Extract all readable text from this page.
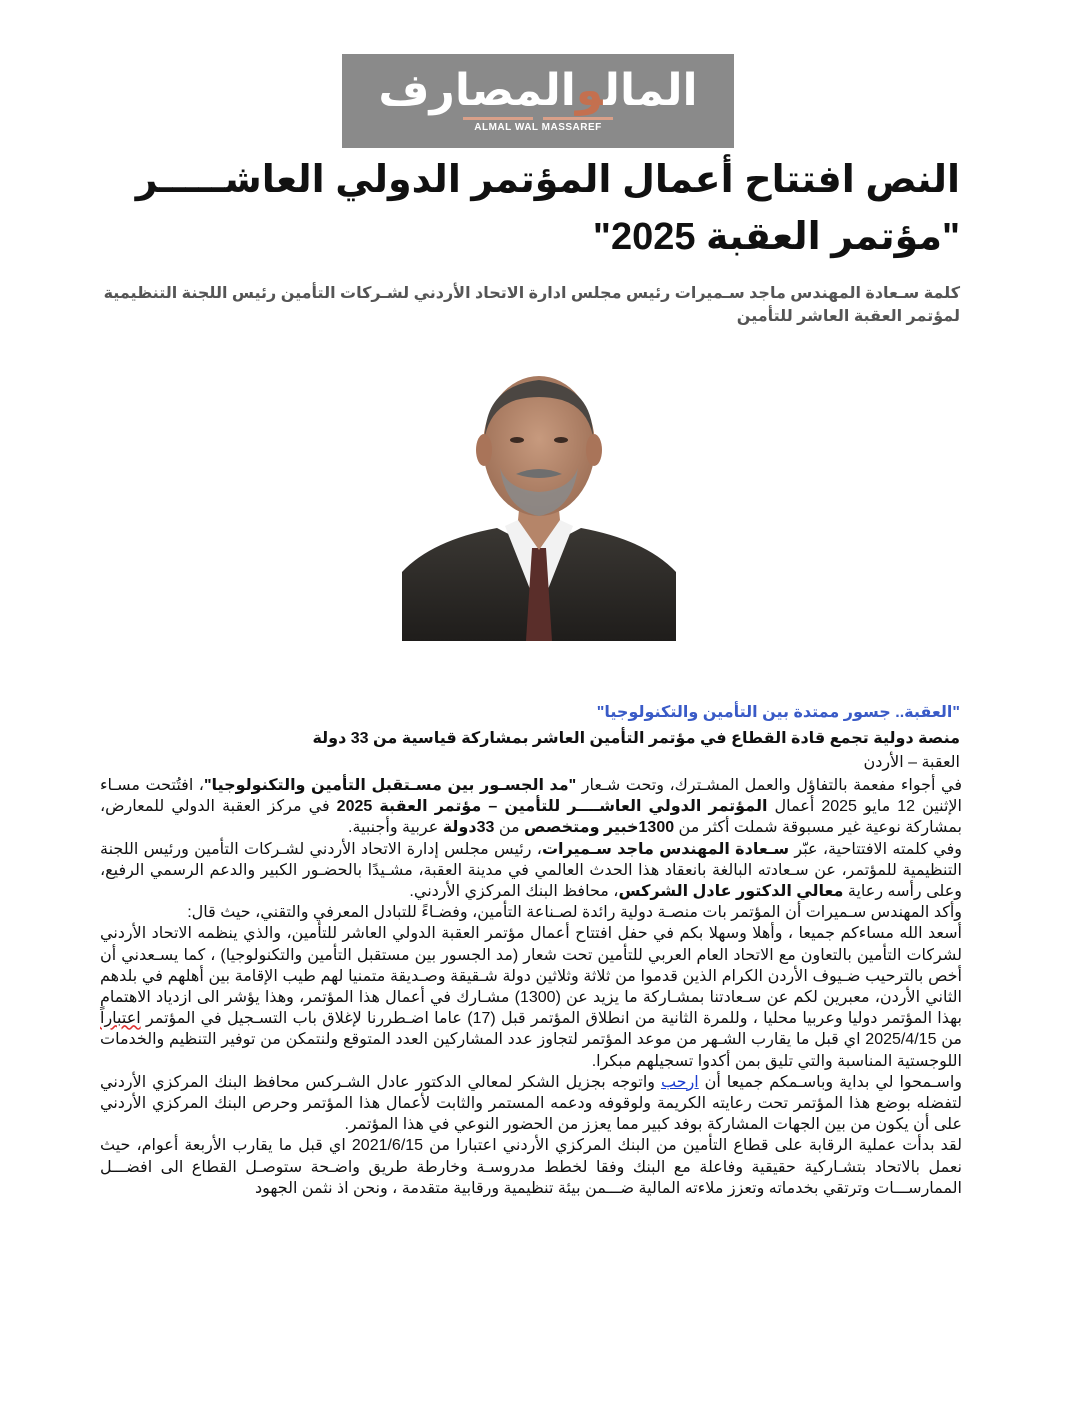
المالوالمصارف
ALMAL WAL MASSAREF
النص افتتاح أعمال المؤتمر الدولي العاشـــــر "مؤتمر العقبة 2025"

كلمة سـعادة المهندس ماجد سـميرات رئيس مجلس ادارة الاتحاد الأردني لشـركات التأمين رئيس اللجنة التنظيمية لمؤتمر العقبة العاشر للتأمين

"العقبة.. جسور ممتدة بين التأمين والتكنولوجيا"

منصة دولية تجمع قادة القطاع في مؤتمر التأمين العاشر بمشاركة قياسية من 33 دولة

العقبة – الأردن

في أجواء مفعمة بالتفاؤل والعمل المشـترك، وتحت شـعار "مد الجسـور بين مسـتقبل التأمين والتكنولوجيا"، افتُتحت مسـاء الإثنين 12 مايو 2025 أعمال المؤتمر الدولي العاشــــر للتأمين – مؤتمر العقبة 2025 في مركز العقبة الدولي للمعارض، بمشاركة نوعية غير مسبوقة شملت أكثر من 1300خبير ومتخصص من 33دولة عربية وأجنبية.

وفي كلمته الافتتاحية، عبّر سـعادة المهندس ماجد سـميرات، رئيس مجلس إدارة الاتحاد الأردني لشـركات التأمين ورئيس اللجنة التنظيمية للمؤتمر، عن سـعادته البالغة بانعقاد هذا الحدث العالمي في مدينة العقبة، مشـيدًا بالحضـور الكبير والدعم الرسمي الرفيع، وعلى رأسه رعاية معالي الدكتور عادل الشركس، محافظ البنك المركزي الأردني.

وأكد المهندس سـميرات أن المؤتمر بات منصـة دولية رائدة لصـناعة التأمين، وفضـاءً للتبادل المعرفي والتقني، حيث قال:

أسعد الله مساءكم جميعا ، وأهلا وسهلا بكم في حفل افتتاح أعمال مؤتمر العقبة الدولي العاشر للتأمين، والذي ينظمه الاتحاد الأردني لشركات التأمين بالتعاون مع الاتحاد العام العربي للتأمين تحت شعار (مد الجسور بين مستقبل التأمين والتكنولوجيا) ، كما يسـعدني أن أخص بالترحيب ضـيوف الأردن الكرام الذين قدموا من ثلاثة وثلاثين دولة شـقيقة وصـديقة متمنيا لهم طيب الإقامة بين أهلهم في بلدهم الثاني الأردن، معبرين لكم عن سـعادتنا بمشـاركة ما يزيد عن (1300) مشـارك في أعمال هذا المؤتمر، وهذا يؤشر الى ازدياد الاهتمام بهذا المؤتمر دوليا وعربيا محليا ، وللمرة الثانية من انطلاق المؤتمر قبل (17) عاما اضـطررنا لإغلاق باب التسـجيل في المؤتمر اعتباراً من 2025/4/15 اي قبل ما يقارب الشـهر من موعد المؤتمر لتجاوز عدد المشاركين العدد المتوقع ولنتمكن من توفير التنظيم والخدمات اللوجستية المناسبة والتي تليق بمن أكدوا تسجيلهم مبكرا.

واسـمحوا لي بداية وباسـمكم جميعا أن ارحب واتوجه بجزيل الشكر لمعالي الدكتور عادل الشـركس محافظ البنك المركزي الأردني لتفضله بوضع هذا المؤتمر تحت رعايته الكريمة ولوقوفه ودعمه المستمر والثابت لأعمال هذا المؤتمر وحرص البنك المركزي الأردني على أن يكون من بين الجهات المشاركة بوفد كبير مما يعزز من الحضور النوعي في هذا المؤتمر.

لقد بدأت عملية الرقابة على قطاع التأمين من البنك المركزي الأردني اعتبارا من 2021/6/15 اي قبل ما يقارب الأربعة أعوام، حيث نعمل بالاتحاد بتشـاركية حقيقية وفاعلة مع البنك وفقا لخطط مدروسـة وخارطة طريق واضـحة ستوصـل القطاع الى افضـــل الممارســـات وترتقي بخدماته وتعزز ملاءته المالية ضـــمن بيئة تنظيمية ورقابية متقدمة ، ونحن اذ نثمن الجهود
